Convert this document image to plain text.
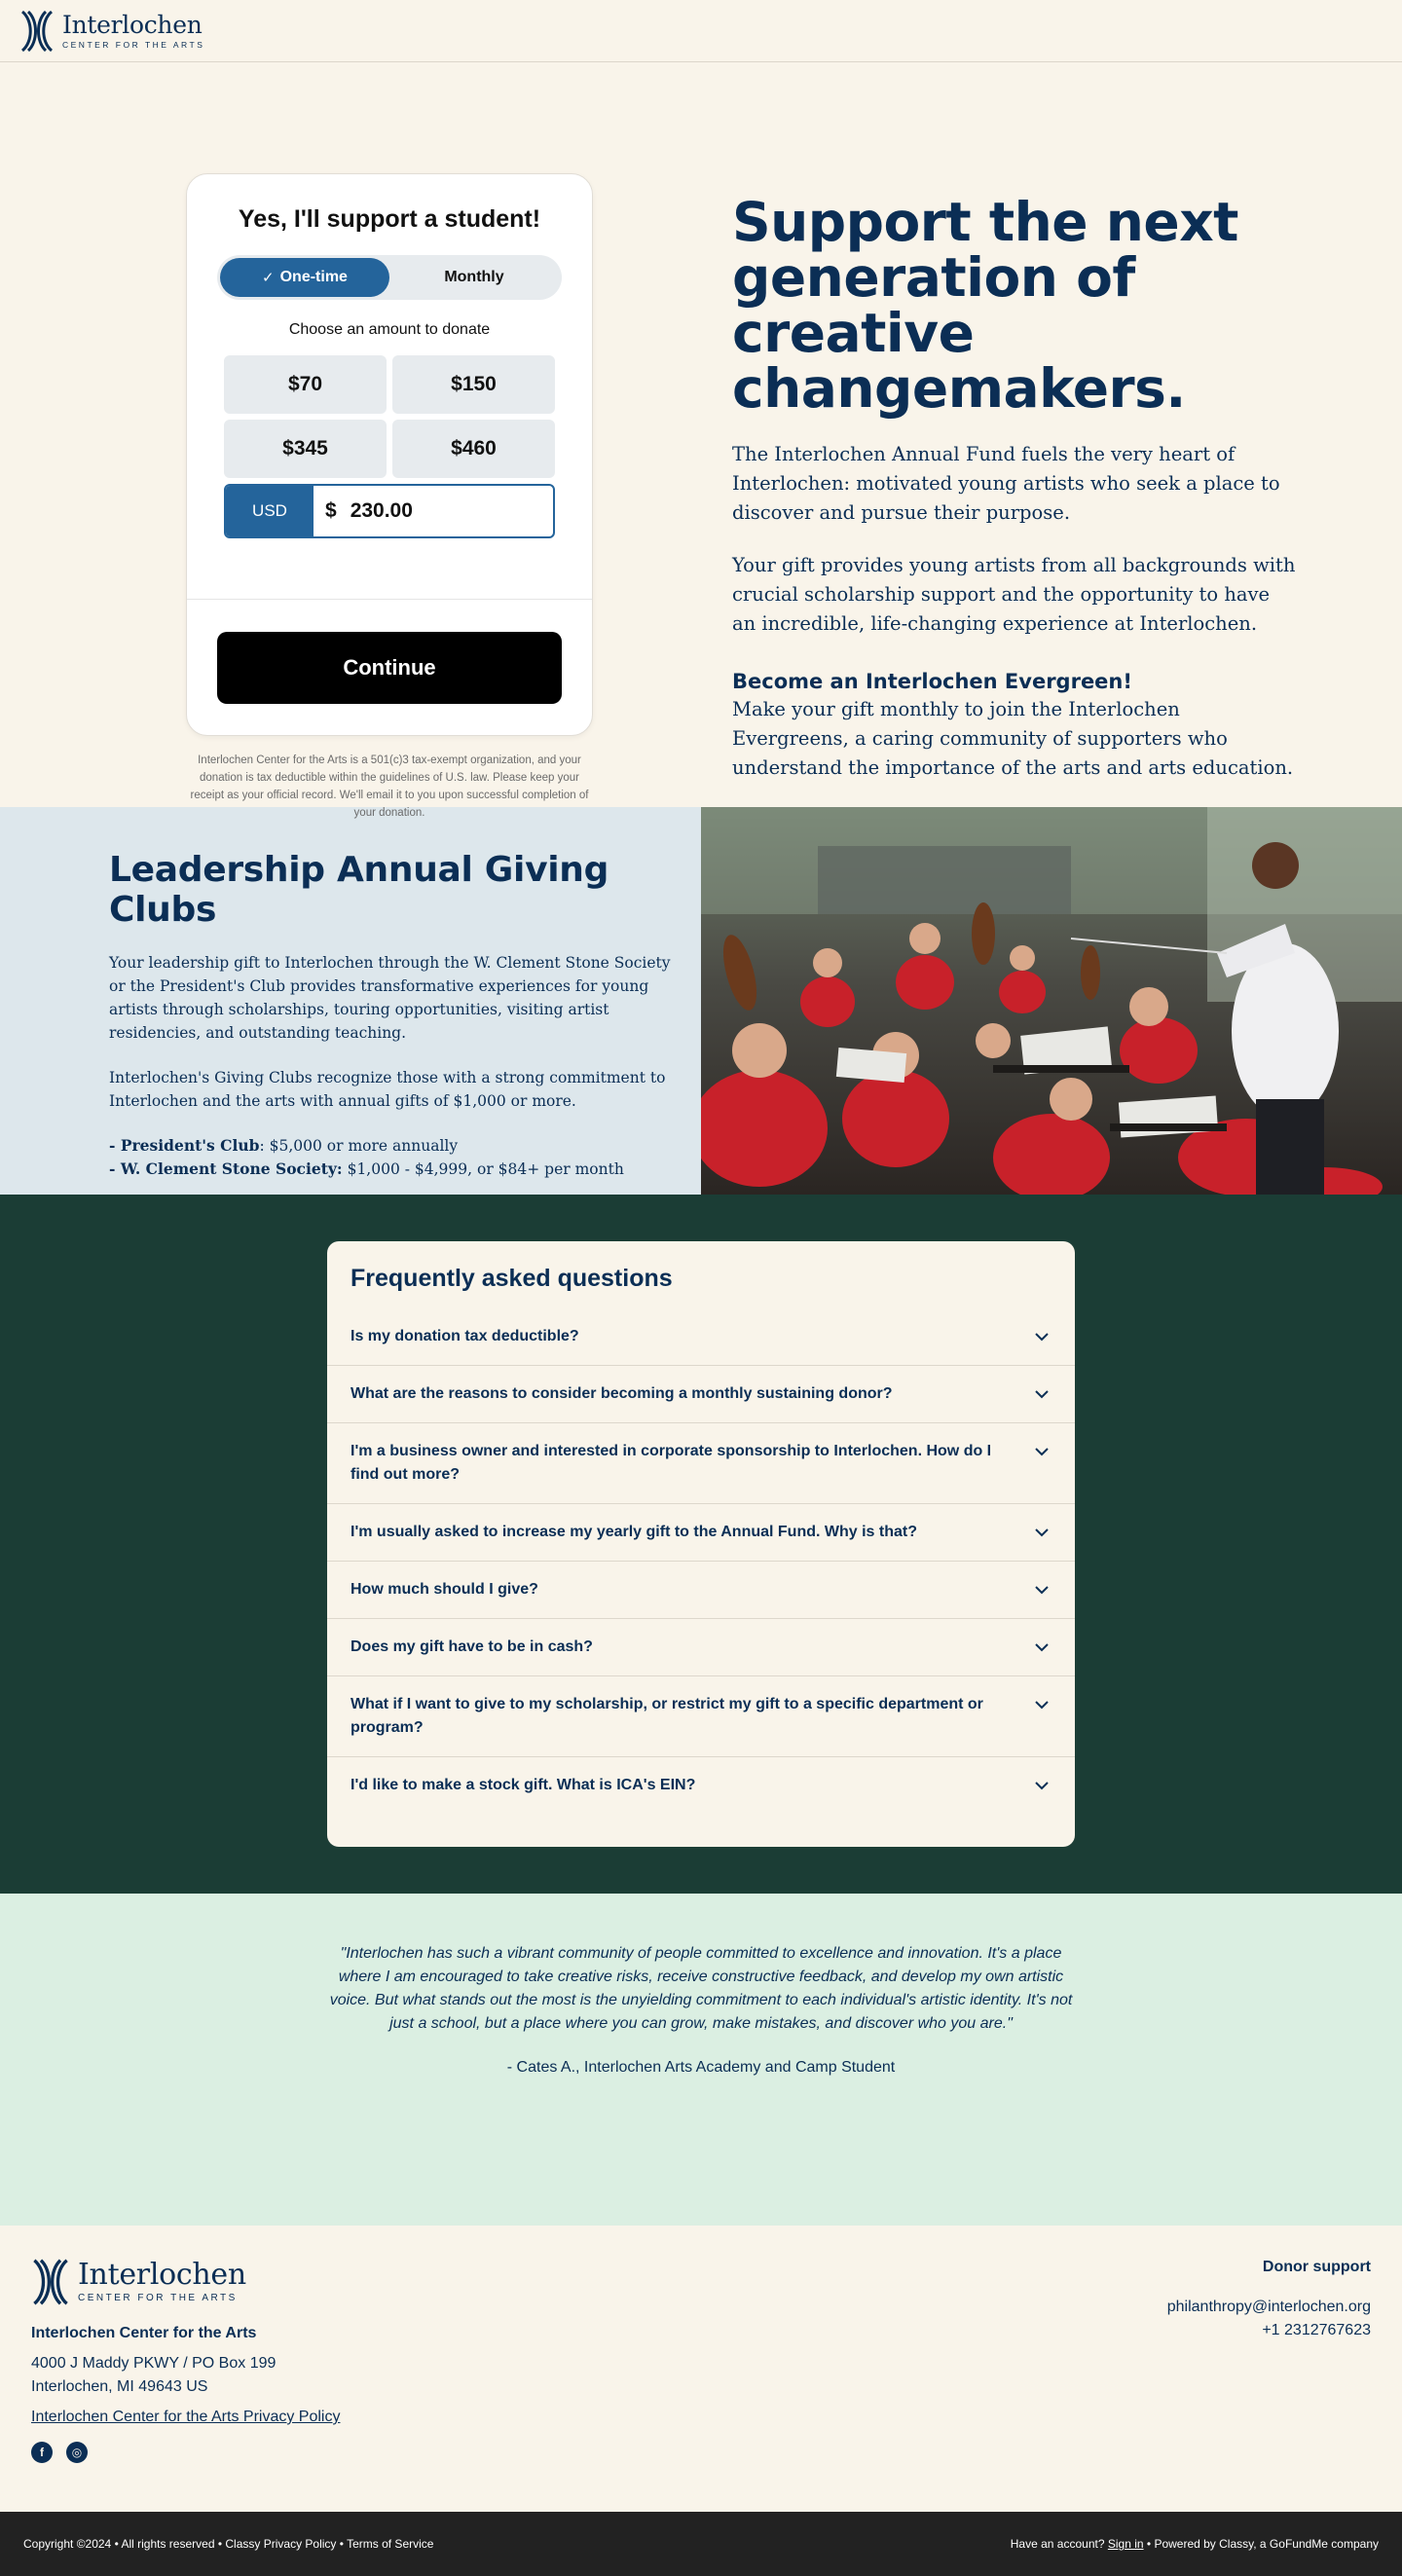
Interlochen
CENTER FOR THE ARTS
Yes, I'll support a student!
✓ One-time	Monthly
Choose an amount to donate
$70	$150
$345	$460
USD	$ 230.00
Continue
Interlochen Center for the Arts is a 501(c)3 tax-exempt organization, and your donation is tax deductible within the guidelines of U.S. law. Please keep your receipt as your official record. We'll email it to you upon successful completion of your donation.
Support the next generation of creative changemakers.

The Interlochen Annual Fund fuels the very heart of Interlochen: motivated young artists who seek a place to discover and pursue their purpose.

Your gift provides young artists from all backgrounds with crucial scholarship support and the opportunity to have an incredible, life-changing experience at Interlochen.

Become an Interlochen Evergreen!

Make your gift monthly to join the Interlochen Evergreens, a caring community of supporters who understand the importance of the arts and arts education.

Leadership Annual Giving Clubs

Your leadership gift to Interlochen through the W. Clement Stone Society or the President's Club provides transformative experiences for young artists through scholarships, touring opportunities, visiting artist residencies, and outstanding teaching.

Interlochen's Giving Clubs recognize those with a strong commitment to Interlochen and the arts with annual gifts of $1,000 or more.

- President's Club: $5,000 or more annually
- W. Clement Stone Society: $1,000 - $4,999, or $84+ per month
Frequently asked questions
Is my donation tax deductible?
What are the reasons to consider becoming a monthly sustaining donor?
I'm a business owner and interested in corporate sponsorship to Interlochen. How do I find out more?
I'm usually asked to increase my yearly gift to the Annual Fund. Why is that?
How much should I give?
Does my gift have to be in cash?
What if I want to give to my scholarship, or restrict my gift to a specific department or program?
I'd like to make a stock gift. What is ICA's EIN?

"Interlochen has such a vibrant community of people committed to excellence and innovation. It's a place where I am encouraged to take creative risks, receive constructive feedback, and develop my own artistic voice. But what stands out the most is the unyielding commitment to each individual's artistic identity. It's not just a school, but a place where you can grow, make mistakes, and discover who you are."

- Cates A., Interlochen Arts Academy and Camp Student

Interlochen
CENTER FOR THE ARTS
Interlochen Center for the Arts
4000 J Maddy PKWY / PO Box 199
Interlochen, MI 49643 US
Interlochen Center for the Arts Privacy Policy
f	◎
Donor support
philanthropy@interlochen.org
+1 2312767623
Copyright ©2024 • All rights reserved • Classy Privacy Policy • Terms of Service	Have an account? Sign in • Powered by Classy, a GoFundMe company
